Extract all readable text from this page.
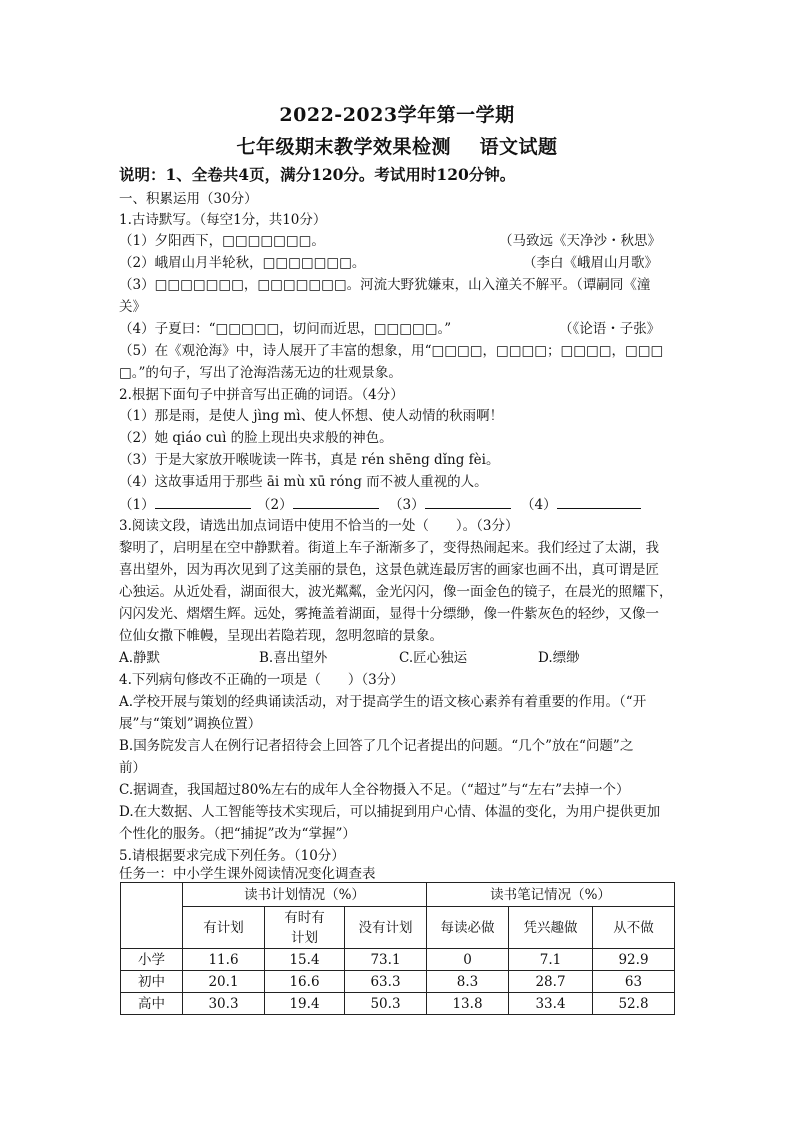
2022-2023学年第一学期
七年级期末教学效果检测    语文试题
说明：1、全卷共4页，满分120分。考试用时120分钟。
一、积累运用（30分）
1.古诗默写。（每空1分，共10分）
（1）夕阳西下，□□□□□□□。	（马致远《天净沙・秋思》
（2）峨眉山月半轮秋，□□□□□□□。	（李白《峨眉山月歌》
（3）□□□□□□□，□□□□□□□。河流大野犹嫌束，山入潼关不解平。（谭嗣同《潼
关》
（4）子夏曰：“□□□□□，切问而近思，□□□□□。”	（《论语・子张》
（5）在《观沧海》中，诗人展开了丰富的想象，用“□□□□，□□□□；□□□□，□□□
□。”的句子，写出了沧海浩荡无边的壮观景象。
2.根据下面句子中拼音写出正确的词语。（4分）
（1）那是雨，是使人 jìng mì、使人怀想、使人动情的秋雨啊！
（2）她 qiáo cuì 的脸上现出央求般的神色。
（3）于是大家放开喉咙读一阵书，真是 rén shēng dǐng fèi。
（4）这故事适用于那些 āi mù xū róng 而不被人重视的人。
（1）	（2）	（3）	（4）
3.阅读文段，请选出加点词语中使用不恰当的一处（　　）。（3分）
黎明了，启明星在空中静默着。街道上车子渐渐多了，变得热闹起来。我们经过了太湖，我
喜出望外，因为再次见到了这美丽的景色，这景色就连最厉害的画家也画不出，真可谓是匠
心独运。从近处看，湖面很大，波光粼粼，金光闪闪，像一面金色的镜子，在晨光的照耀下，
闪闪发光、熠熠生辉。远处，雾掩盖着湖面，显得十分缥缈，像一件紫灰色的轻纱，又像一
位仙女撒下帷幔，呈现出若隐若现，忽明忽暗的景象。
A.静默	B.喜出望外	C.匠心独运	D.缥缈
4.下列病句修改不正确的一项是（　　）（3分）
A.学校开展与策划的经典诵读活动，对于提高学生的语文核心素养有着重要的作用。（“开
展”与“策划”调换位置）
B.国务院发言人在例行记者招待会上回答了几个记者提出的问题。“几个”放在“问题”之
前）
C.据调查，我国超过80%左右的成年人全谷物摄入不足。（“超过”与“左右”去掉一个）
D.在大数据、人工智能等技术实现后，可以捕捉到用户心情、体温的变化，为用户提供更加
个性化的服务。（把“捕捉”改为“掌握”）
5.请根据要求完成下列任务。（10分）
任务一：中小学生课外阅读情况变化调查表
	读书计划情况（%）			读书笔记情况（%）		
	有计划	有时有计划	没有计划	每读必做	凭兴趣做	从不做
小学	11.6	15.4	73.1	0	7.1	92.9
初中	20.1	16.6	63.3	8.3	28.7	63
高中	30.3	19.4	50.3	13.8	33.4	52.8
